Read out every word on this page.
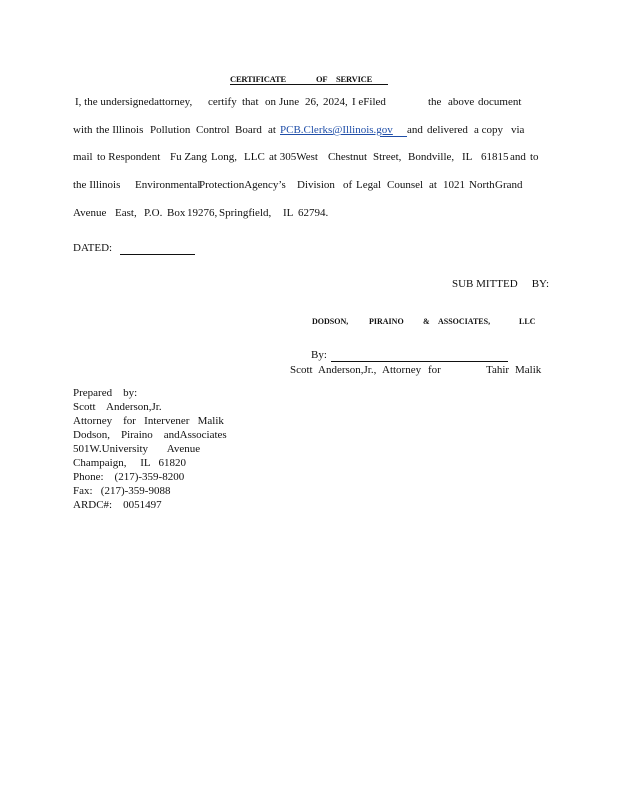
CERTIFICATE	OF SERVICE
I, the undersignedattorney, certify that on June 26, 2024, I eFiled	the above document
with the Illinois Pollution Control Board at PCB.Clerks@Illinois.gov and delivered a copy via
mail to Respondent Fu Zang Long, LLC at 305West Chestnut Street, Bondville, IL 61815 and to
the Illinois Environmental
ProtectionAgency’s Division of Legal Counsel at 1021 North Grand
Avenue East, P.O. Box 19276, Springfield, IL 62794.
DATED:
SUB MITTED BY:
DODSON,	PIRAINO & ASSOCIATES,	LLC
By:
Scott Anderson,Jr., Attorney for	Tahir Malik
Prepared    by:
Scott    Anderson,Jr.
Attorney    for   Intervener   Malik
Dodson,    Piraino    andAssociates
501W.University       Avenue
Champaign,     IL   61820
Phone:    (217)-359-8200
Fax:   (217)-359-9088
ARDC#:    0051497
